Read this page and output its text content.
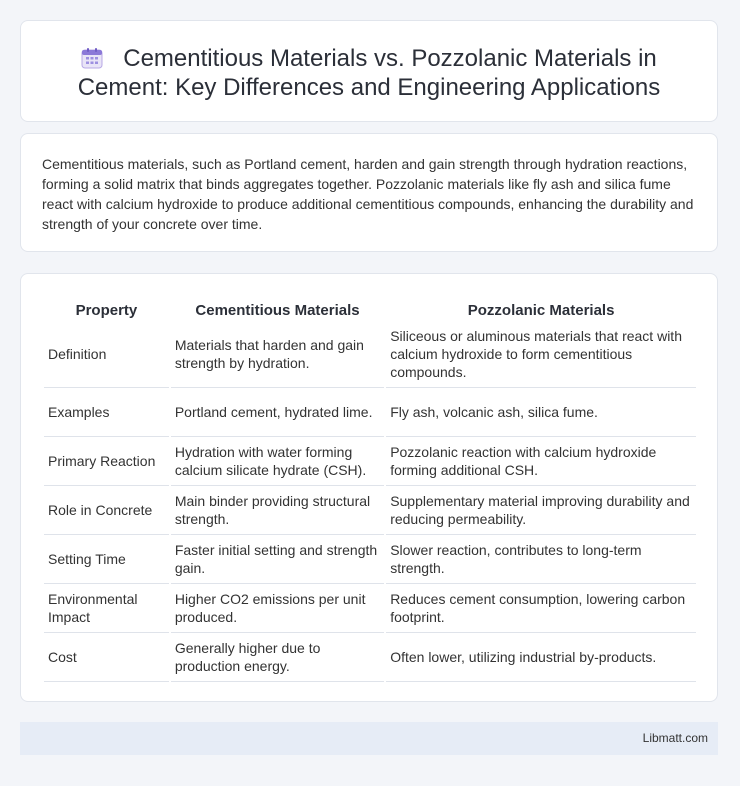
Cementitious Materials vs. Pozzolanic Materials in
Cement: Key Differences and Engineering Applications
Cementitious materials, such as Portland cement, harden and gain strength through hydration reactions, forming a solid matrix that binds aggregates together. Pozzolanic materials like fly ash and silica fume react with calcium hydroxide to produce additional cementitious compounds, enhancing the durability and strength of your concrete over time.
Property	Cementitious Materials	Pozzolanic Materials
Definition	Materials that harden and gain strength by hydration.	Siliceous or aluminous materials that react with calcium hydroxide to form cementitious compounds.
Examples	Portland cement, hydrated lime.	Fly ash, volcanic ash, silica fume.
Primary Reaction	Hydration with water forming calcium silicate hydrate (CSH).	Pozzolanic reaction with calcium hydroxide forming additional CSH.
Role in Concrete	Main binder providing structural strength.	Supplementary material improving durability and reducing permeability.
Setting Time	Faster initial setting and strength gain.	Slower reaction, contributes to long-term strength.
Environmental Impact	Higher CO2 emissions per unit produced.	Reduces cement consumption, lowering carbon footprint.
Cost	Generally higher due to production energy.	Often lower, utilizing industrial by-products.
Libmatt.com
